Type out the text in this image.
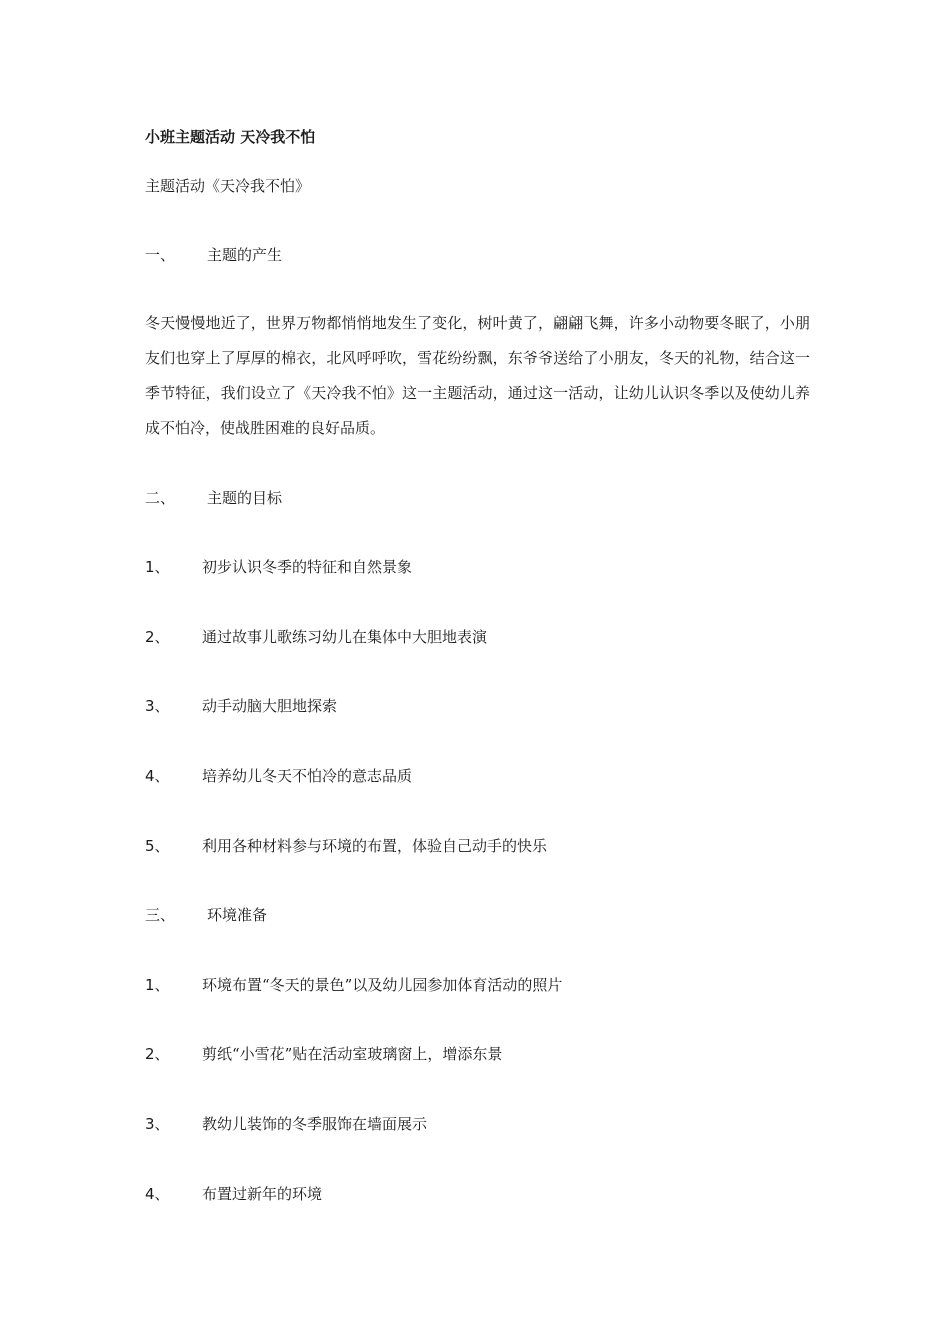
小班主题活动 天冷我不怕
主题活动《天冷我不怕》
一、 主题的产生
冬天慢慢地近了，世界万物都悄悄地发生了变化，树叶黄了，翩翩飞舞，许多小动物要冬眠了，小朋友们也穿上了厚厚的棉衣，北风呼呼吹，雪花纷纷飘，东爷爷送给了小朋友，冬天的礼物，结合这一季节特征，我们设立了《天冷我不怕》这一主题活动，通过这一活动，让幼儿认识冬季以及使幼儿养成不怕冷，使战胜困难的良好品质。
二、 主题的目标
1、 初步认识冬季的特征和自然景象
2、 通过故事儿歌练习幼儿在集体中大胆地表演
3、 动手动脑大胆地探索
4、 培养幼儿冬天不怕冷的意志品质
5、 利用各种材料参与环境的布置，体验自己动手的快乐
三、 环境准备
1、 环境布置“冬天的景色”以及幼儿园参加体育活动的照片
2、 剪纸“小雪花”贴在活动室玻璃窗上，增添东景
3、 教幼儿装饰的冬季服饰在墙面展示
4、 布置过新年的环境
